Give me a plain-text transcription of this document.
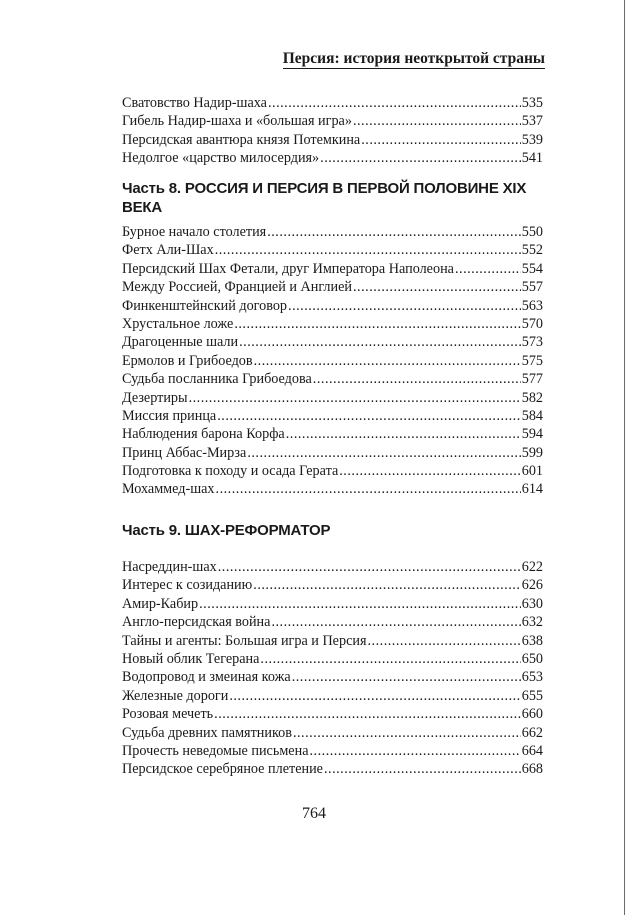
Персия: история неоткрытой страны
Сватовство Надир-шаха .....	535
Гибель Надир-шаха и «большая игра» .....	537
Персидская авантюра князя Потемкина .....	539
Недолгое «царство милосердия» .....	541
Часть 8. РОССИЯ И ПЕРСИЯ В ПЕРВОЙ ПОЛОВИНЕ XIX ВЕКА
Бурное начало столетия .....	550
Фетх Али-Шах .....	552
Персидский Шах Фетали, друг Императора Наполеона .....	554
Между Россией, Францией и Англией .....	557
Финкенштейнский договор .....	563
Хрустальное ложе .....	570
Драгоценные шали .....	573
Ермолов и Грибоедов .....	575
Судьба посланника Грибоедова .....	577
Дезертиры .....	582
Миссия принца .....	584
Наблюдения барона Корфа .....	594
Принц Аббас-Мирза .....	599
Подготовка к походу и осада Герата .....	601
Мохаммед-шах .....	614
Часть 9. ШАХ-РЕФОРМАТОР
Насреддин-шах .....	622
Интерес к созиданию .....	626
Амир-Кабир .....	630
Англо-персидская война .....	632
Тайны и агенты: Большая игра и Персия .....	638
Новый облик Тегерана .....	650
Водопровод и змеиная кожа .....	653
Железные дороги .....	655
Розовая мечеть .....	660
Судьба древних памятников .....	662
Прочесть неведомые письмена .....	664
Персидское серебряное плетение .....	668
764
